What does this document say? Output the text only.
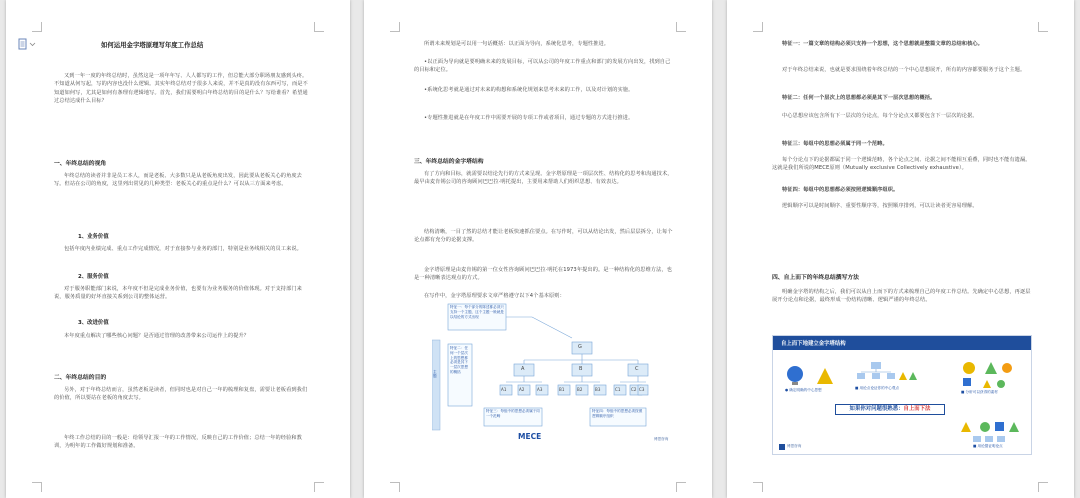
如何运用金字塔原理写年度工作总结
又到一年一度的年终总结时，虽然这是一项年年写、人人都写的工作，但总能大部分职场朋友感到头疼。不知道从何写起，写的内容也没什么逻辑。其实年终总结对于很多人来说，并不是真的没有东西可写，而是不知道如何写，尤其是如何有条理有逻辑地写。首先，我们需要明白年终总结的目的是什么？写给谁看？希望通过总结达成什么目标？
一、年终总结的视角
年终总结的读者并非是员工本人，而是老板、大多数只是从老板角度出发，因此要从老板关心的角度去写。但站在公司的角度，这里列出常见的几种类型：老板关心的重点是什么？可以从三方面来考虑。
1、业务价值
包括年度内业绩完成、重点工作完成情况，对于直接参与业务的部门，特别是业务线相关的员工来说。
2、服务价值
对于服务职能部门来说，本年度不但是完成业务价值，也要有为业务服务的价值体现。对于支持部门来说，服务质量的好坏直接关系到公司的整体运营。
3、改进价值
本年度重点解决了哪些核心问题？是否通过管理的改善带来公司运作上的提升？
二、年终总结的目的
另外，对于年终总结而言，虽然老板是读者，但同时也是对自己一年的梳理和复盘，需要让老板看到我们的价值，所以要站在老板的角度去写。
年终工作总结的目的一般是：给领导汇报一年的工作情况，反映自己的工作价值；总结一年的经验和教训，为明年的工作做好规划和准备。
所谓未来规划是可以用一句话概括：以正面为导向，系统化思考，专题性推进。
•以正面为导向就是要明确未来的发展目标，可以从公司的年度工作重点和部门的发展方向出发，找到自己的目标和定位。
•系统化思考就是通过对未来的构想和系统化规划来思考未来的工作，以及对计划的实施。
•专题性推进就是在年度工作中需要开展的专项工作或者项目，通过专题的方式进行推进。
三、年终总结的金字塔结构
有了方向和目标，就需要以结论先行的方式来呈现。金字塔原理是一项层次性、结构化的思考和沟通技术，最早由麦肯锡公司的咨询顾问巴巴拉·明托提出，主要用来帮助人们组织思想、有效表达。
结构清晰，一目了然的总结才能让老板快速抓住要点。在写作时，可以从结论出发，然后层层拆分，让每个论点都有充分的论据支撑。
金字塔原理是由麦肯锡的第一位女性咨询顾问巴巴拉·明托在1973年提出的。是一种结构化的思维方法，也是一种清晰表达观点的方式。
在写作中，金字塔原理要求文章严格遵守以下4个基本原则：
G
A	B	C
A1	A2	A3	B1	B2	B3	C1	C2 C3
特征一：每个部分的陈述都必须只支持一个主题，这个主题一般就是以结论的方式出现
特征二：任何一个层次上的思想都必须是其下一层次思想的概括
特征三：每组中的思想必须属于同一个范畴
特征四：每组中的思想必须按照逻辑顺序组织
主题
MECE	博思咨询
特征一：一篇文章的结构必须只支持一个思想，这个思想就是整篇文章的总结和核心。
对于年终总结来说，也就是要求围绕着年终总结的一个中心思想展开，所有的内容都要服务于这个主题。
特征二：任何一个层次上的思想都必须是其下一层次思想的概括。
中心思想应该包含所有下一层次的分论点，每个分论点又都要包含下一层次的论据。
特征三：每组中的思想必须属于同一个范畴。
每个分论点下的论据都属于同一个逻辑范畴，各个论点之间、论据之间不能相互重叠，同时也不能有遗漏。这就是我们所说的MECE原则（Mutually exclusive Collectively exhaustive）。
特征四：每组中的思想都必须按照逻辑顺序组织。
逻辑顺序可以是时间顺序、重要性顺序等，按照顺序排列，可以让读者更容易理解。
四、自上而下的年终总结撰写方法
明确金字塔的结构之后，我们可以从自上而下的方式来梳理自己的年度工作总结。先确定中心思想，再逐层展开分论点和论据，最终形成一份结构清晰、逻辑严谨的年终总结。
自上而下地建立金字塔结构
● 确定明确的中心思想	■ 用论点论证你的中心观点
■ 分析可以获得的素材
■ 用论据证明论点
如果你对问题很熟悉：自上而下法
博思咨询
